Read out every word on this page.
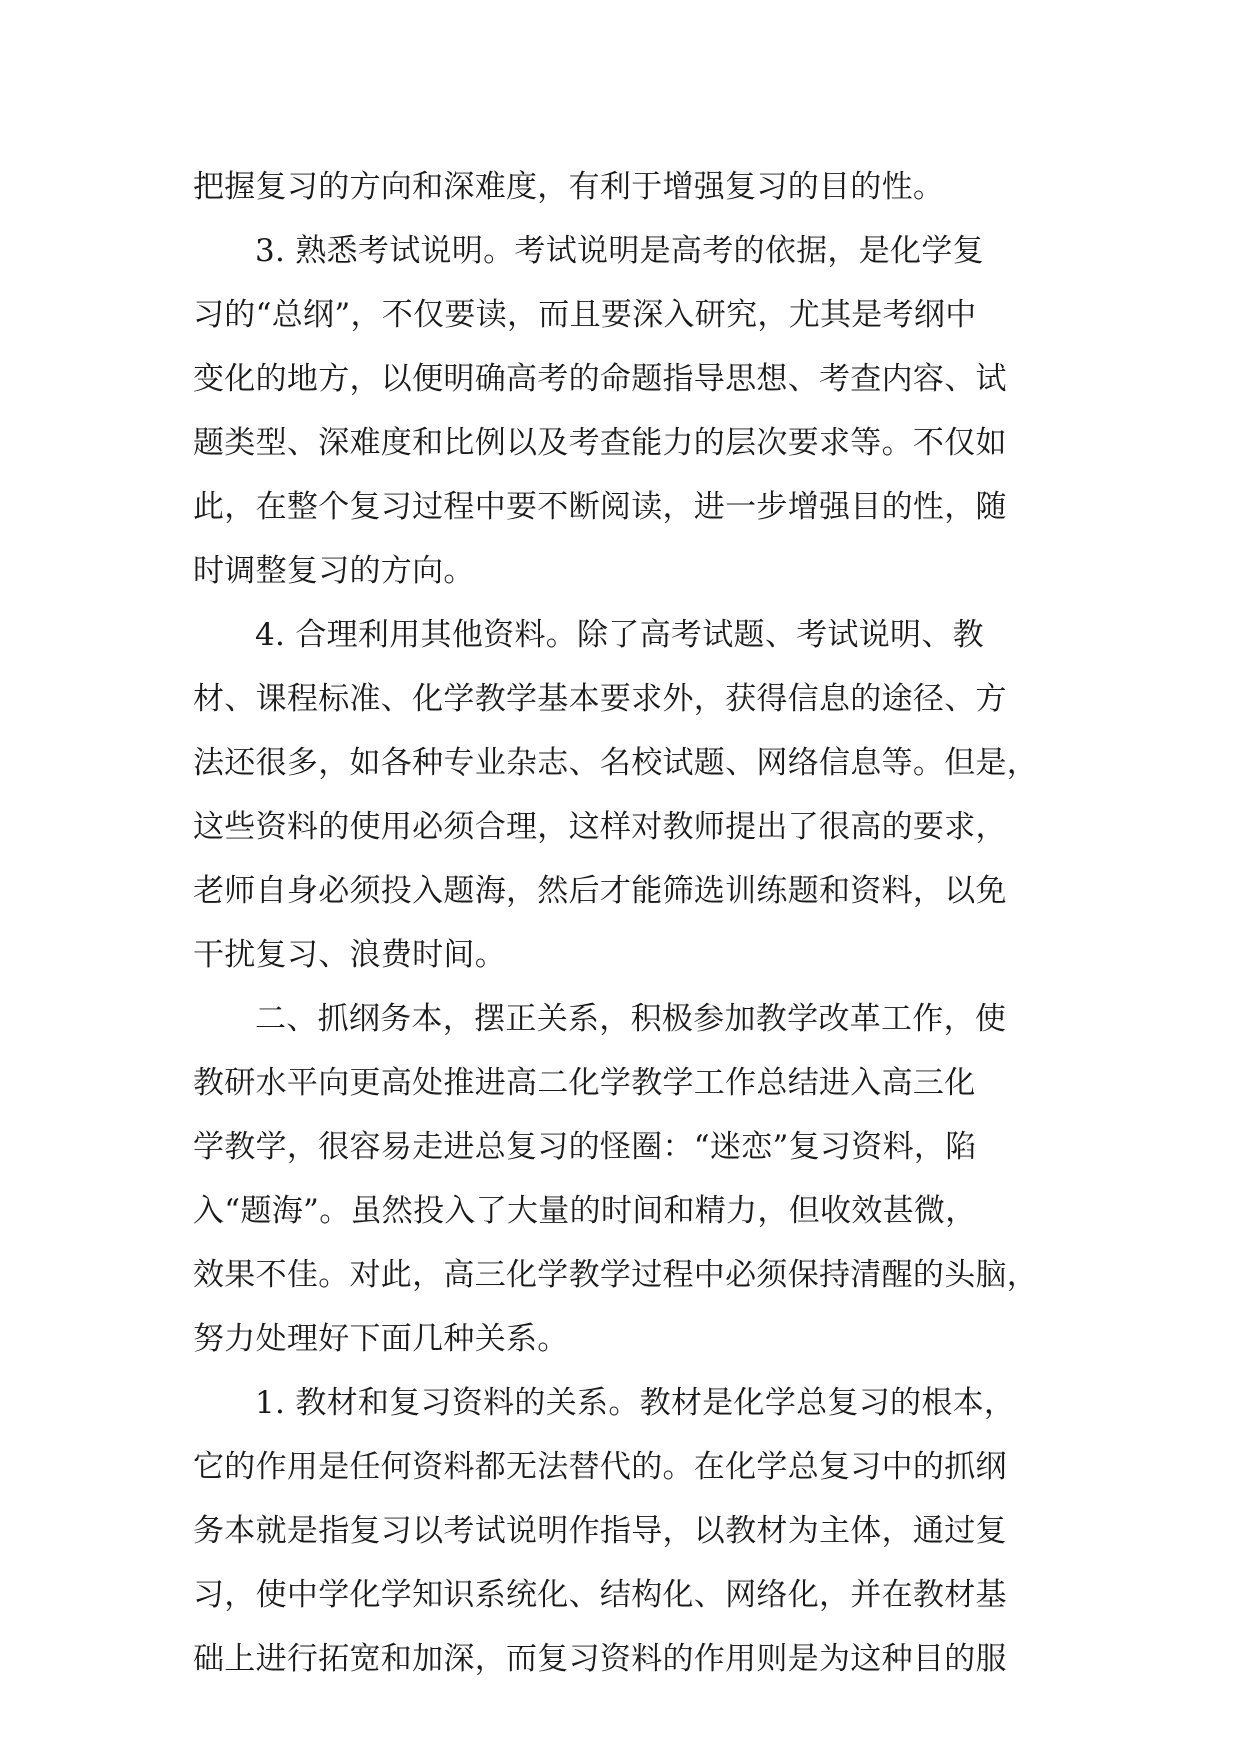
把握复习的方向和深难度，有利于增强复习的目的性。
3. 熟悉考试说明。考试说明是高考的依据，是化学复
习的“总纲”，不仅要读，而且要深入研究，尤其是考纲中
变化的地方，以便明确高考的命题指导思想、考查内容、试
题类型、深难度和比例以及考查能力的层次要求等。不仅如
此，在整个复习过程中要不断阅读，进一步增强目的性，随
时调整复习的方向。
4. 合理利用其他资料。除了高考试题、考试说明、教
材、课程标准、化学教学基本要求外，获得信息的途径、方
法还很多，如各种专业杂志、名校试题、网络信息等。但是，
这些资料的使用必须合理，这样对教师提出了很高的要求，
老师自身必须投入题海，然后才能筛选训练题和资料，以免
干扰复习、浪费时间。
二、抓纲务本，摆正关系，积极参加教学改革工作，使
教研水平向更高处推进高二化学教学工作总结进入高三化
学教学，很容易走进总复习的怪圈：“迷恋”复习资料，陷
入“题海”。虽然投入了大量的时间和精力，但收效甚微，
效果不佳。对此，高三化学教学过程中必须保持清醒的头脑，
努力处理好下面几种关系。
1. 教材和复习资料的关系。教材是化学总复习的根本，
它的作用是任何资料都无法替代的。在化学总复习中的抓纲
务本就是指复习以考试说明作指导，以教材为主体，通过复
习，使中学化学知识系统化、结构化、网络化，并在教材基
础上进行拓宽和加深，而复习资料的作用则是为这种目的服
